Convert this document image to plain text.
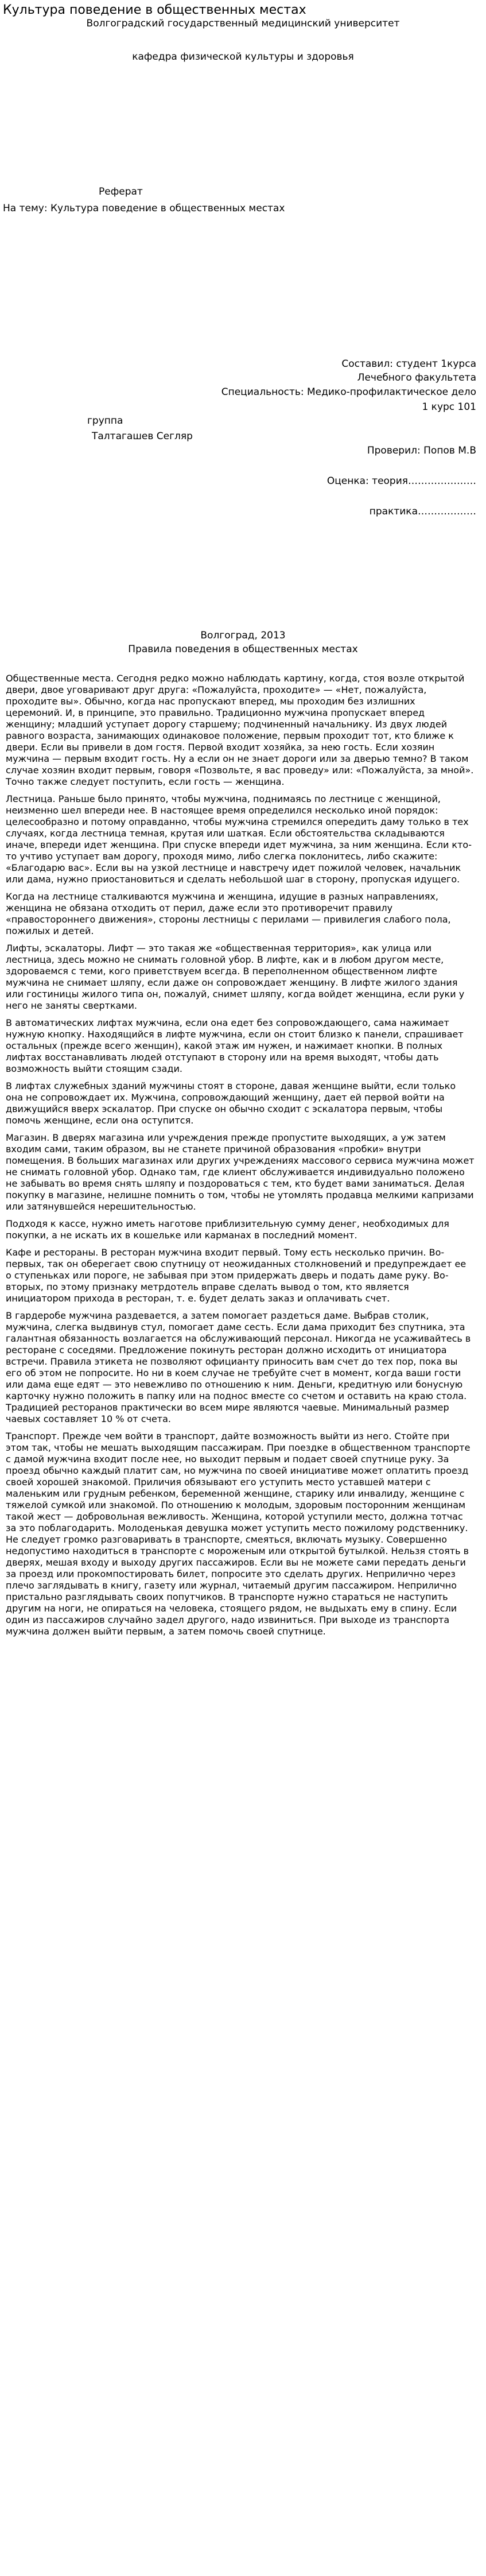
Культура поведение в общественных местах
Волгоградский государственный медицинский университет
кафедра физической культуры и здоровья
Реферат
На тему: Культура поведение в общественных местах
Составил: студент 1курса
Лечебного факультета
Специальность: Медико-профилактическое дело
1 курс 101
группа
Талтагашев Сегляр
Проверил: Попов М.В
Оценка: теория…………………
практика………………
Волгоград, 2013
Правила поведения в общественных местах

Общественные места. Сегодня редко можно наблюдать картину, когда, стоя возле открытой двери, двое уговаривают друг друга: «Пожалуйста, проходите» — «Нет, пожалуйста, проходите вы». Обычно, когда нас пропускают вперед, мы проходим без излишних церемоний. И, в принципе, это правильно. Традиционно мужчина пропускает вперед женщину; младший уступает дорогу старшему; подчиненный начальнику. Из двух людей равного возраста, занимающих одинаковое положение, первым проходит тот, кто ближе к двери. Если вы привели в дом гостя. Первой входит хозяйка, за нею гость. Если хозяин мужчина — первым входит гость. Ну а если он не знает дороги или за дверью темно? В таком случае хозяин входит первым, говоря «Позвольте, я вас проведу» или: «Пожалуйста, за мной». Точно также следует поступить, если гость — женщина.

Лестница. Раньше было принято, чтобы мужчина, поднимаясь по лестнице с женщиной, неизменно шел впереди нее. В настоящее время определился несколько иной порядок: целесообразно и потому оправданно, чтобы мужчина стремился опередить даму только в тех случаях, когда лестница темная, крутая или шаткая. Если обстоятельства складываются иначе, впереди идет женщина. При спуске впереди идет мужчина, за ним женщина. Если кто-то учтиво уступает вам дорогу, проходя мимо, либо слегка поклонитесь, либо скажите: «Благодарю вас». Если вы на узкой лестнице и навстречу идет пожилой человек, начальник или дама, нужно приостановиться и сделать небольшой шаг в сторону, пропуская идущего.

Когда на лестнице сталкиваются мужчина и женщина, идущие в разных направлениях, женщина не обязана отходить от перил, даже если это противоречит правилу «правостороннего движения», стороны лестницы с перилами — привилегия слабого пола, пожилых и детей.

Лифты, эскалаторы. Лифт — это такая же «общественная территория», как улица или лестница, здесь можно не снимать головной убор. В лифте, как и в любом другом месте, здороваемся с теми, кого приветствуем всегда. В переполненном общественном лифте мужчина не снимает шляпу, если даже он сопровождает женщину. В лифте жилого здания или гостиницы жилого типа он, пожалуй, снимет шляпу, когда войдет женщина, если руки у него не заняты свертками.

В автоматических лифтах мужчина, если она едет без сопровождающего, сама нажимает нужную кнопку. Находящийся в лифте мужчина, если он стоит близко к панели, спрашивает остальных (прежде всего женщин), какой этаж им нужен, и нажимает кнопки. В полных лифтах восстанавливать людей отступают в сторону или на время выходят, чтобы дать возможность выйти стоящим сзади.

В лифтах служебных зданий мужчины стоят в стороне, давая женщине выйти, если только она не сопровождает их. Мужчина, сопровождающий женщину, дает ей первой войти на движущийся вверх эскалатор. При спуске он обычно сходит с эскалатора первым, чтобы помочь женщине, если она оступится.

Магазин. В дверях магазина или учреждения прежде пропустите выходящих, а уж затем входим сами, таким образом, вы не станете причиной образования «пробки» внутри помещения. В больших магазинах или других учреждениях массового сервиса мужчина может не снимать головной убор. Однако там, где клиент обслуживается индивидуально положено не забывать во время снять шляпу и поздороваться с тем, кто будет вами заниматься. Делая покупку в магазине, нелишне помнить о том, чтобы не утомлять продавца мелкими капризами или затянувшейся нерешительностью.

Подходя к кассе, нужно иметь наготове приблизительную сумму денег, необходимых для покупки, а не искать их в кошельке или карманах в последний момент.

Кафе и рестораны. В ресторан мужчина входит первый. Тому есть несколько причин. Во-первых, так он оберегает свою спутницу от неожиданных столкновений и предупреждает ее о ступеньках или пороге, не забывая при этом придержать дверь и подать даме руку. Во-вторых, по этому признаку метрдотель вправе сделать вывод о том, кто является инициатором прихода в ресторан, т. е. будет делать заказ и оплачивать счет.

В гардеробе мужчина раздевается, а затем помогает раздеться даме. Выбрав столик, мужчина, слегка выдвинув стул, помогает даме сесть. Если дама приходит без спутника, эта галантная обязанность возлагается на обслуживающий персонал. Никогда не усаживайтесь в ресторане с соседями. Предложение покинуть ресторан должно исходить от инициатора встречи. Правила этикета не позволяют официанту приносить вам счет до тех пор, пока вы его об этом не попросите. Но ни в коем случае не требуйте счет в момент, когда ваши гости или дама еще едят — это невежливо по отношению к ним. Деньги, кредитную или бонусную карточку нужно положить в папку или на поднос вместе со счетом и оставить на краю стола. Традицией ресторанов практически во всем мире являются чаевые. Минимальный размер чаевых составляет 10 % от счета.

Транспорт. Прежде чем войти в транспорт, дайте возможность выйти из него. Стойте при этом так, чтобы не мешать выходящим пассажирам. При поездке в общественном транспорте с дамой мужчина входит после нее, но выходит первым и подает своей спутнице руку. За проезд обычно каждый платит сам, но мужчина по своей инициативе может оплатить проезд своей хорошей знакомой. Приличия обязывают его уступить место уставшей матери с маленьким или грудным ребенком, беременной женщине, старику или инвалиду, женщине с тяжелой сумкой или знакомой. По отношению к молодым, здоровым посторонним женщинам такой жест — добровольная вежливость. Женщина, которой уступили место, должна тотчас за это поблагодарить. Молоденькая девушка может уступить место пожилому родственнику. Не следует громко разговаривать в транспорте, смеяться, включать музыку. Совершенно недопустимо находиться в транспорте с мороженым или открытой бутылкой. Нельзя стоять в дверях, мешая входу и выходу других пассажиров. Если вы не можете сами передать деньги за проезд или прокомпостировать билет, попросите это сделать других. Неприлично через плечо заглядывать в книгу, газету или журнал, читаемый другим пассажиром. Неприлично пристально разглядывать своих попутчиков. В транспорте нужно стараться не наступить другим на ноги, не опираться на человека, стоящего рядом, не выдыхать ему в спину. Если один из пассажиров случайно задел другого, надо извиниться. При выходе из транспорта мужчина должен выйти первым, а затем помочь своей спутнице.
